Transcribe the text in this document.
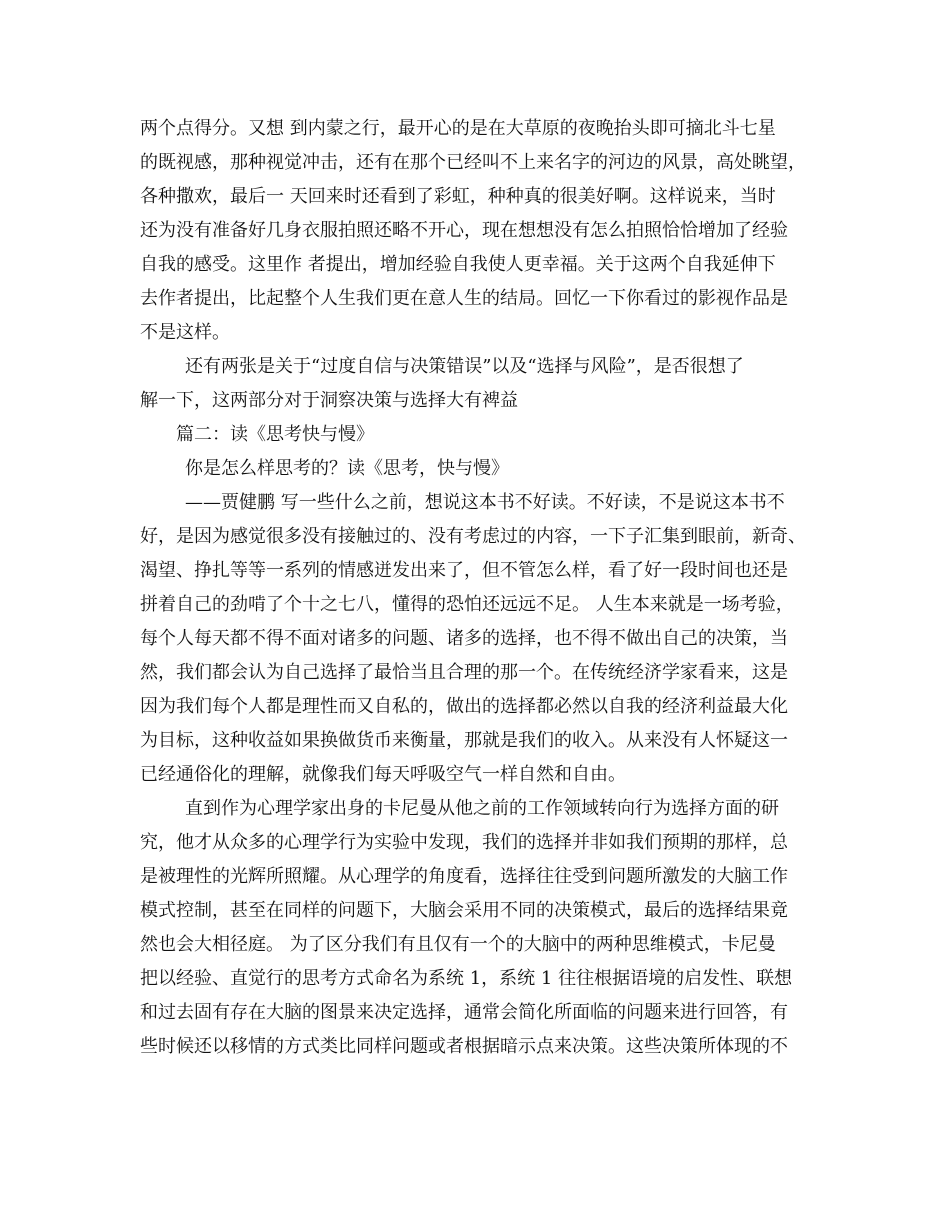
两个点得分。又想 到内蒙之行，最开心的是在大草原的夜晚抬头即可摘北斗七星
的既视感，那种视觉冲击，还有在那个已经叫不上来名字的河边的风景，高处眺望，
各种撒欢，最后一 天回来时还看到了彩虹，种种真的很美好啊。这样说来，当时
还为没有准备好几身衣服拍照还略不开心，现在想想没有怎么拍照恰恰增加了经验
自我的感受。这里作 者提出，增加经验自我使人更幸福。关于这两个自我延伸下
去作者提出，比起整个人生我们更在意人生的结局。回忆一下你看过的影视作品是
不是这样。
还有两张是关于“过度自信与决策错误”以及“选择与风险”，是否很想了
解一下，这两部分对于洞察决策与选择大有裨益
篇二：读《思考快与慢》
你是怎么样思考的？读《思考，快与慢》
——贾健鹏 写一些什么之前，想说这本书不好读。不好读，不是说这本书不
好，是因为感觉很多没有接触过的、没有考虑过的内容，一下子汇集到眼前，新奇、
渴望、挣扎等等一系列的情感迸发出来了，但不管怎么样，看了好一段时间也还是
拼着自己的劲啃了个十之七八，懂得的恐怕还远远不足。 人生本来就是一场考验，
每个人每天都不得不面对诸多的问题、诸多的选择，也不得不做出自己的决策，当
然，我们都会认为自己选择了最恰当且合理的那一个。在传统经济学家看来，这是
因为我们每个人都是理性而又自私的，做出的选择都必然以自我的经济利益最大化
为目标，这种收益如果换做货币来衡量，那就是我们的收入。从来没有人怀疑这一
已经通俗化的理解，就像我们每天呼吸空气一样自然和自由。
直到作为心理学家出身的卡尼曼从他之前的工作领域转向行为选择方面的研
究，他才从众多的心理学行为实验中发现，我们的选择并非如我们预期的那样，总
是被理性的光辉所照耀。从心理学的角度看，选择往往受到问题所激发的大脑工作
模式控制，甚至在同样的问题下，大脑会采用不同的决策模式，最后的选择结果竟
然也会大相径庭。 为了区分我们有且仅有一个的大脑中的两种思维模式，卡尼曼
把以经验、直觉行的思考方式命名为系统 1，系统 1 往往根据语境的启发性、联想
和过去固有存在大脑的图景来决定选择，通常会简化所面临的问题来进行回答，有
些时候还以移情的方式类比同样问题或者根据暗示点来决策。这些决策所体现的不
